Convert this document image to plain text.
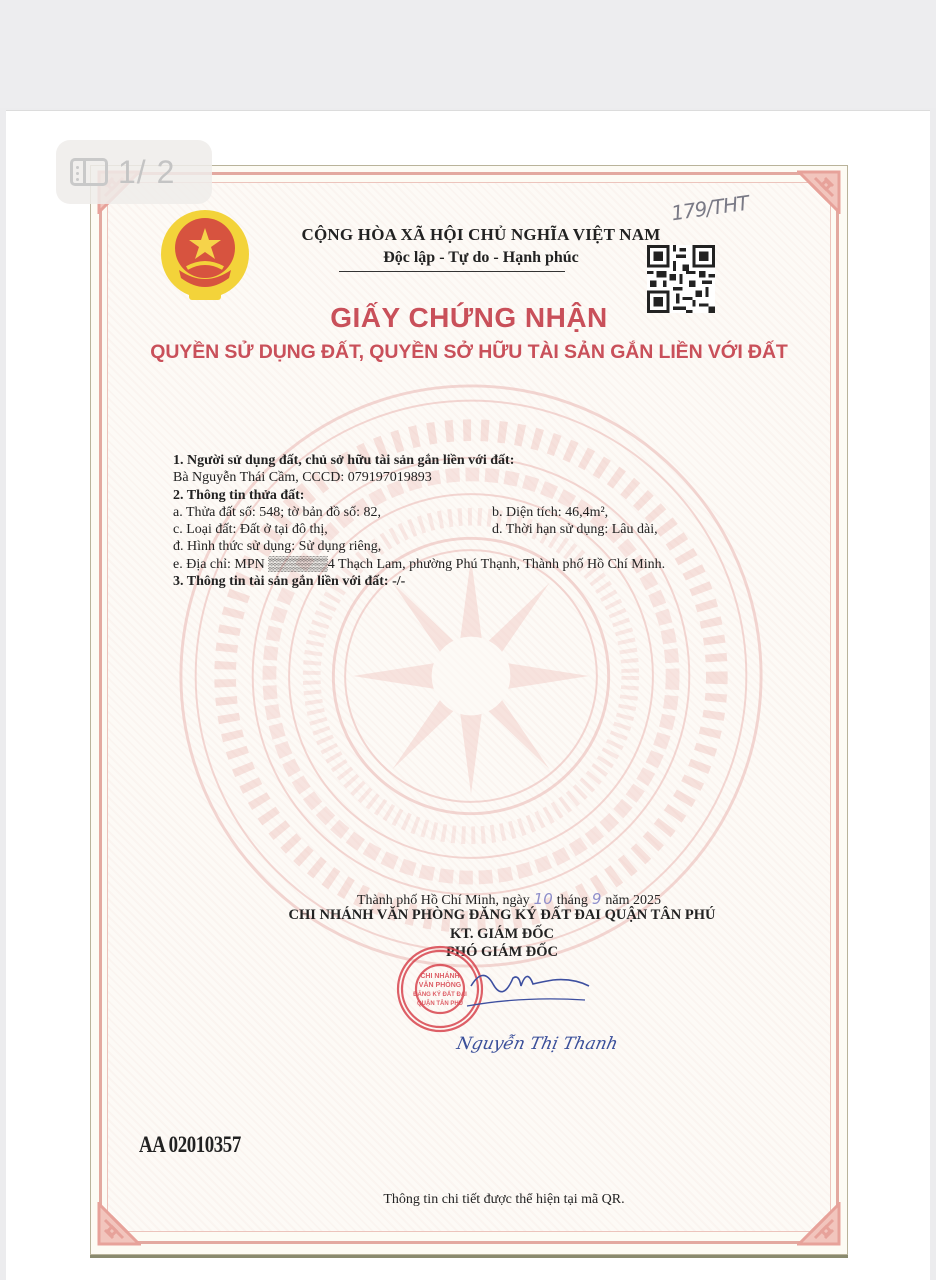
1/ 2
CỘNG HÒA XÃ HỘI CHỦ NGHĨA VIỆT NAM
Độc lập - Tự do - Hạnh phúc
179/THT
GIẤY CHỨNG NHẬN
QUYỀN SỬ DỤNG ĐẤT, QUYỀN SỞ HỮU TÀI SẢN GẮN LIỀN VỚI ĐẤT
1. Người sử dụng đất, chủ sở hữu tài sản gắn liền với đất:
Bà Nguyễn Thái Cầm, CCCD: 079197019893
2. Thông tin thửa đất:
a. Thửa đất số: 548; tờ bản đồ số: 82,	b. Diện tích: 46,4m²,
c. Loại đất: Đất ở tại đô thị,	d. Thời hạn sử dụng: Lâu dài,
đ. Hình thức sử dụng: Sử dụng riêng,
e. Địa chỉ: MPN ▒▒▒▒▒▒4 Thạch Lam, phường Phú Thạnh, Thành phố Hồ Chí Minh.
3. Thông tin tài sản gắn liền với đất: -/-
Thành phố Hồ Chí Minh, ngày 10 tháng 9 năm 2025
CHI NHÁNH VĂN PHÒNG ĐĂNG KÝ ĐẤT ĐAI QUẬN TÂN PHÚ
KT. GIÁM ĐỐC
PHÓ GIÁM ĐỐC
CHI NHÁNH
VĂN PHÒNG
ĐĂNG KÝ ĐẤT ĐAI
QUẬN TÂN PHÚ
Nguyễn Thị Thanh
AA 02010357
Thông tin chi tiết được thể hiện tại mã QR.
